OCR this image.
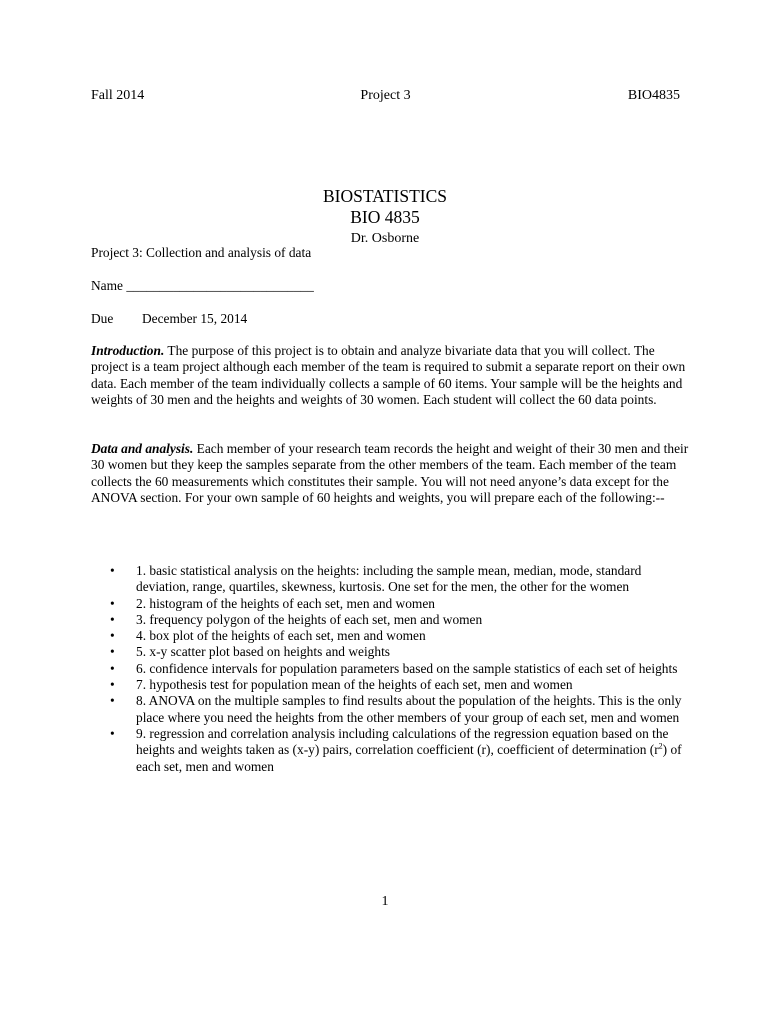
Fall 2014	Project 3	BIO4835
BIOSTATISTICS
BIO 4835
Dr. Osborne
Project 3: Collection and analysis of data
Name ____________________________
Due December 15, 2014
Introduction. The purpose of this project is to obtain and analyze bivariate data that you will collect. The project is a team project although each member of the team is required to submit a separate report on their own data. Each member of the team individually collects a sample of 60 items. Your sample will be the heights and weights of 30 men and the heights and weights of 30 women. Each student will collect the 60 data points.
Data and analysis. Each member of your research team records the height and weight of their 30 men and their 30 women but they keep the samples separate from the other members of the team. Each member of the team collects the 60 measurements which constitutes their sample. You will not need anyone’s data except for the ANOVA section. For your own sample of 60 heights and weights, you will prepare each of the following:--
• 1. basic statistical analysis on the heights: including the sample mean, median, mode, standard deviation, range, quartiles, skewness, kurtosis. One set for the men, the other for the women
• 2. histogram of the heights of each set, men and women
• 3. frequency polygon of the heights of each set, men and women
• 4. box plot of the heights of each set, men and women
• 5. x-y scatter plot based on heights and weights
• 6. confidence intervals for population parameters based on the sample statistics of each set of heights
• 7. hypothesis test for population mean of the heights of each set, men and women
• 8. ANOVA on the multiple samples to find results about the population of the heights. This is the only place where you need the heights from the other members of your group of each set, men and women
• 9. regression and correlation analysis including calculations of the regression equation based on the heights and weights taken as (x-y) pairs, correlation coefficient (r), coefficient of determination $(r^2)$ of each set, men and women
1
